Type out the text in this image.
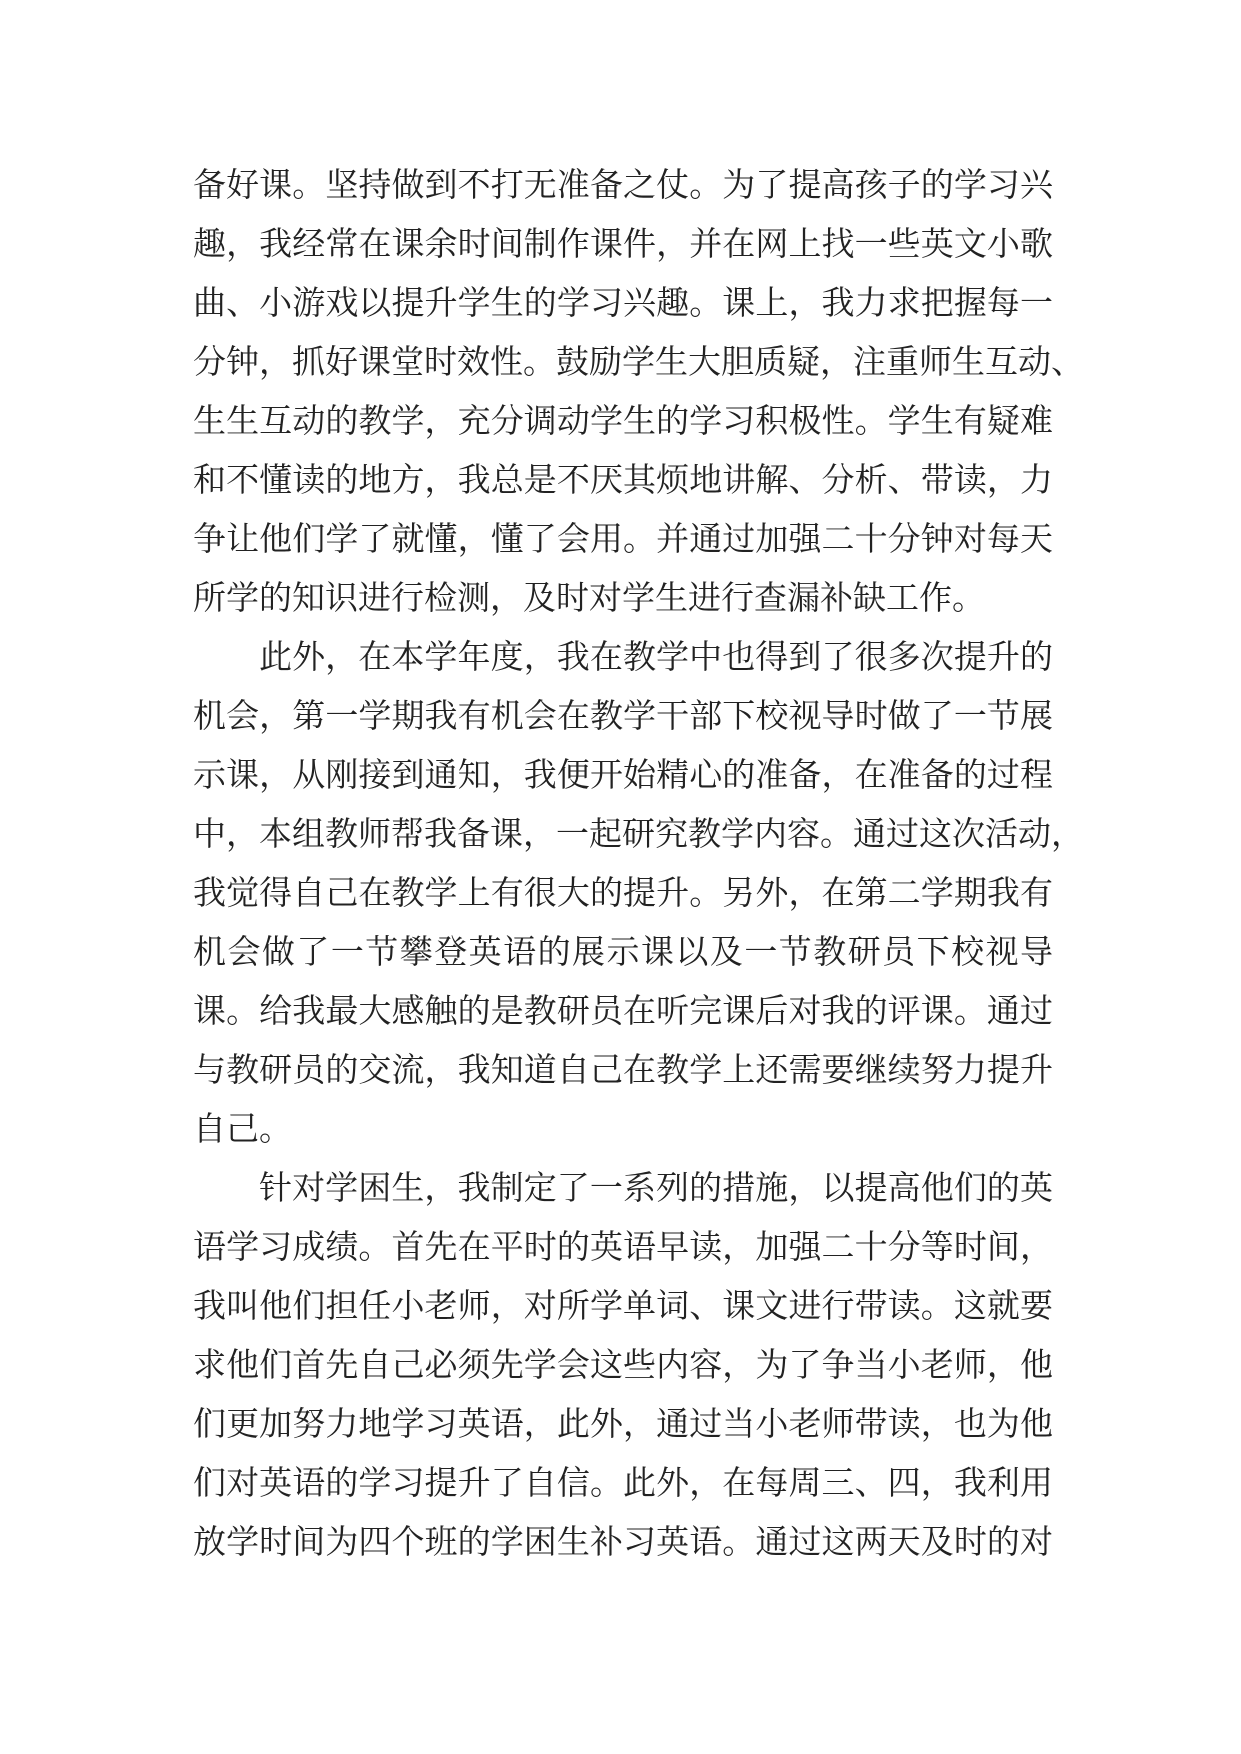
备好课。坚持做到不打无准备之仗。为了提高孩子的学习兴
趣，我经常在课余时间制作课件，并在网上找一些英文小歌
曲、小游戏以提升学生的学习兴趣。课上，我力求把握每一
分钟，抓好课堂时效性。鼓励学生大胆质疑，注重师生互动、
生生互动的教学，充分调动学生的学习积极性。学生有疑难
和不懂读的地方，我总是不厌其烦地讲解、分析、带读，力
争让他们学了就懂，懂了会用。并通过加强二十分钟对每天
所学的知识进行检测，及时对学生进行查漏补缺工作。
此外，在本学年度，我在教学中也得到了很多次提升的
机会，第一学期我有机会在教学干部下校视导时做了一节展
示课，从刚接到通知，我便开始精心的准备，在准备的过程
中，本组教师帮我备课，一起研究教学内容。通过这次活动，
我觉得自己在教学上有很大的提升。另外，在第二学期我有
机会做了一节攀登英语的展示课以及一节教研员下校视导
课。给我最大感触的是教研员在听完课后对我的评课。通过
与教研员的交流，我知道自己在教学上还需要继续努力提升
自己。
针对学困生，我制定了一系列的措施，以提高他们的英
语学习成绩。首先在平时的英语早读，加强二十分等时间，
我叫他们担任小老师，对所学单词、课文进行带读。这就要
求他们首先自己必须先学会这些内容，为了争当小老师，他
们更加努力地学习英语，此外，通过当小老师带读，也为他
们对英语的学习提升了自信。此外，在每周三、四，我利用
放学时间为四个班的学困生补习英语。通过这两天及时的对
